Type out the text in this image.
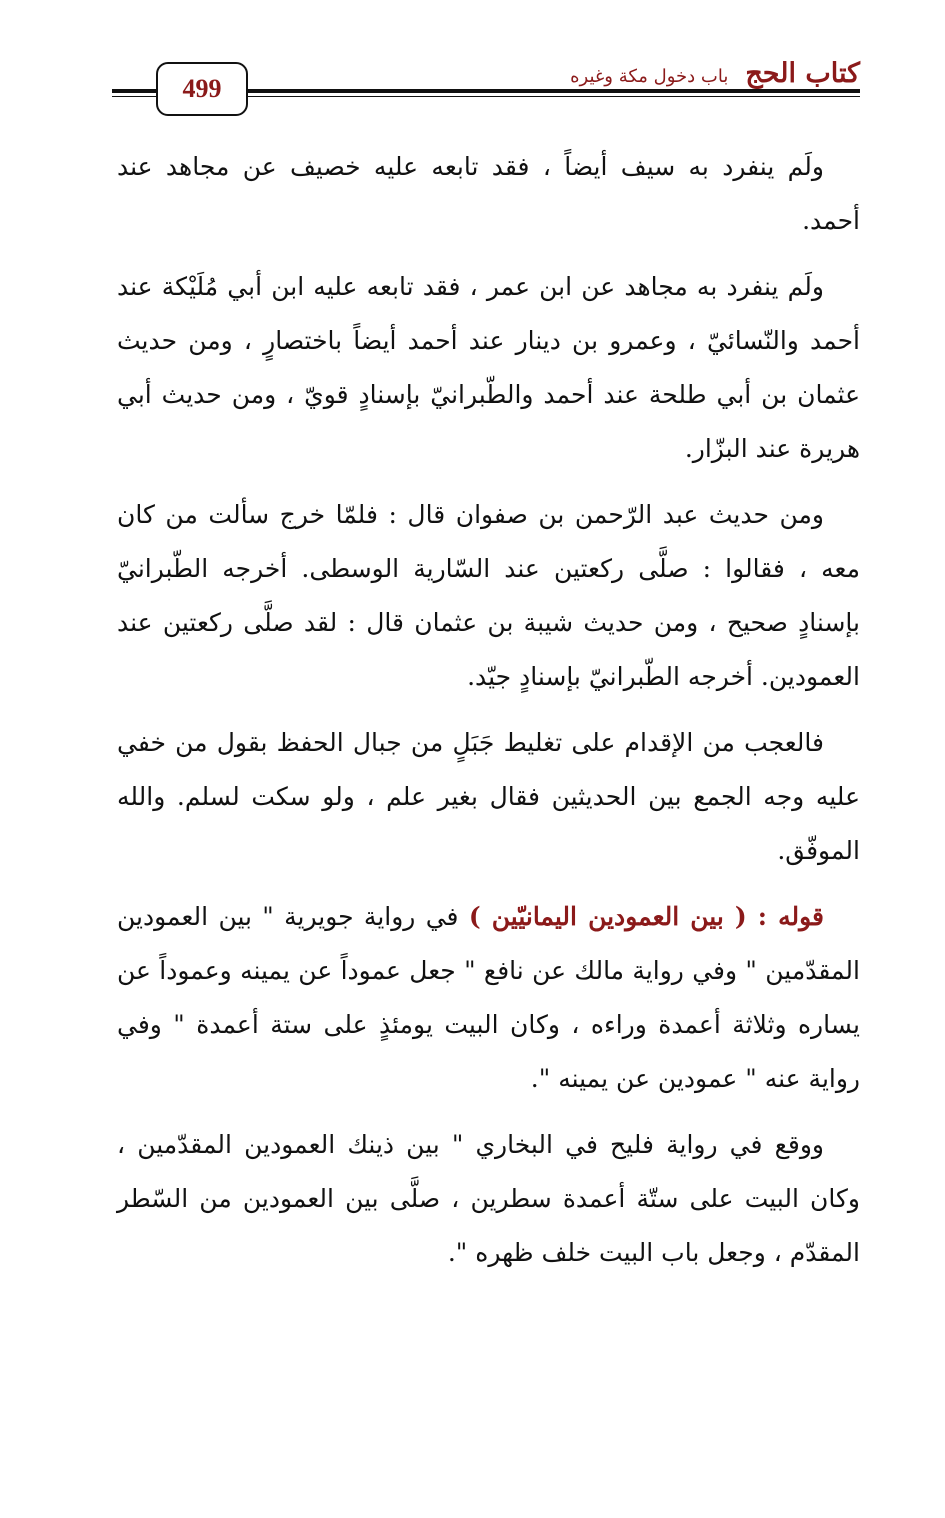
كتاب الحج باب دخول مكة وغيره
499

ولَم ينفرد به سيف أيضاً ، فقد تابعه عليه خصيف عن مجاهد عند أحمد.

ولَم ينفرد به مجاهد عن ابن عمر ، فقد تابعه عليه ابن أبي مُلَيْكة عند أحمد والنّسائيّ ، وعمرو بن دينار عند أحمد أيضاً باختصارٍ ، ومن حديث عثمان بن أبي طلحة عند أحمد والطّبرانيّ بإسنادٍ قويّ ، ومن حديث أبي هريرة عند البزّار.

ومن حديث عبد الرّحمن بن صفوان قال : فلمّا خرج سألت من كان معه ، فقالوا : صلَّى ركعتين عند السّارية الوسطى. أخرجه الطّبرانيّ بإسنادٍ صحيح ، ومن حديث شيبة بن عثمان قال : لقد صلَّى ركعتين عند العمودين. أخرجه الطّبرانيّ بإسنادٍ جيّد.

فالعجب من الإقدام على تغليط جَبَلٍ من جبال الحفظ بقول من خفي عليه وجه الجمع بين الحديثين فقال بغير علم ، ولو سكت لسلم. والله الموفّق.

قوله : ( بين العمودين اليمانيّين ) في رواية جويرية " بين العمودين المقدّمين " وفي رواية مالك عن نافع " جعل عموداً عن يمينه وعموداً عن يساره وثلاثة أعمدة وراءه ، وكان البيت يومئذٍ على ستة أعمدة " وفي رواية عنه " عمودين عن يمينه ".

ووقع في رواية فليح في البخاري " بين ذينك العمودين المقدّمين ، وكان البيت على ستّة أعمدة سطرين ، صلَّى بين العمودين من السّطر المقدّم ، وجعل باب البيت خلف ظهره ".
